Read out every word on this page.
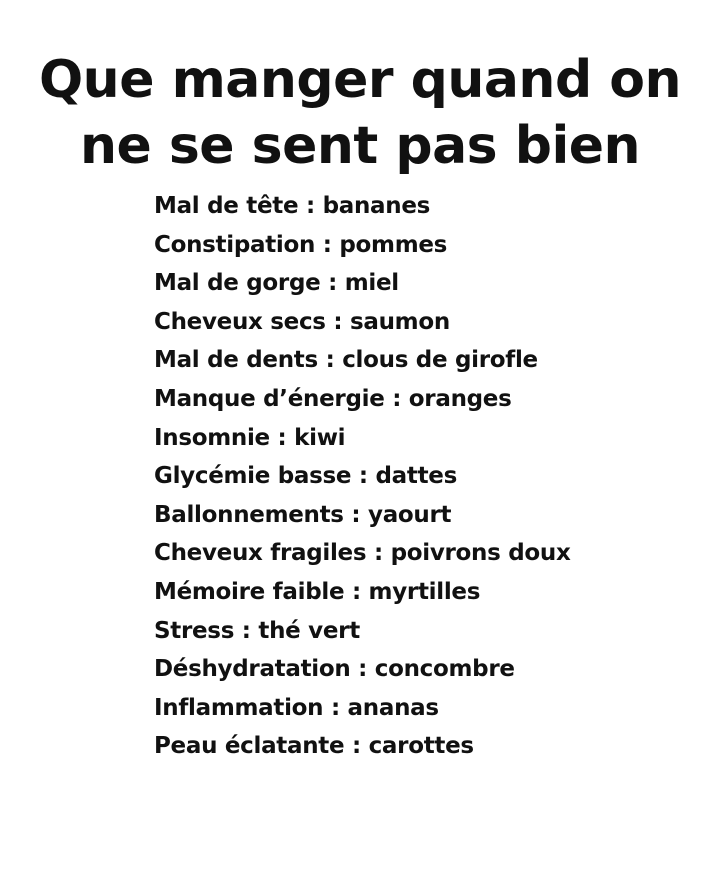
Que manger quand on
ne se sent pas bien
Mal de tête : bananes
Constipation : pommes
Mal de gorge : miel
Cheveux secs : saumon
Mal de dents : clous de girofle
Manque d’énergie : oranges
Insomnie : kiwi
Glycémie basse : dattes
Ballonnements : yaourt
Cheveux fragiles : poivrons doux
Mémoire faible : myrtilles
Stress : thé vert
Déshydratation : concombre
Inflammation : ananas
Peau éclatante : carottes
